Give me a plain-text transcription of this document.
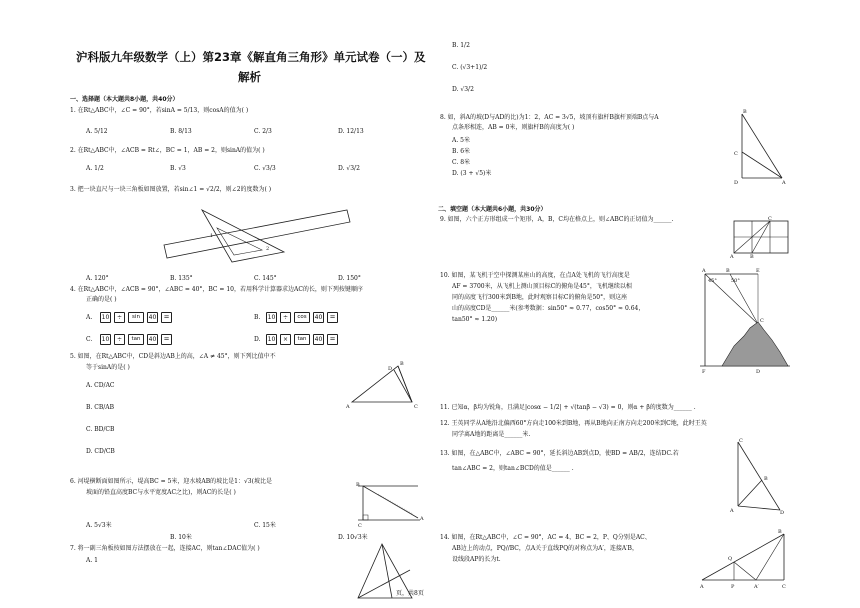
沪科版九年级数学（上）第23章《解直角三角形》单元试卷（一）及
解析
一、选择题（本大题共8小题，共40分）
1. 在Rt△ABC中，∠C = 90°，若sinA = 5/13，则cosA的值为( )
A. 5/12	B. 8/13	C. 2/3	D. 12/13
2. 在Rt△ABC中，∠ACB = Rt∠，BC = 1，AB = 2，则sinA的值为( )
A. 1/2	B. √3	C. √3/3	D. √3/2
3. 把一块直尺与一块三角板如图放置，若sin∠1 = √2/2，则∠2的度数为( )
1
2
A. 120°	B. 135°	C. 145°	D. 150°
4. 在Rt△ABC中，∠ACB = 90°，∠ABC = 40°，BC = 10，若用科学计算器求边AC的长，则下列按键顺序
正确的是( )
A. 10	÷	sin	40	=	B. 10	÷	cos	40	=
C. 10	÷	tan	40	=	D. 10	×	tan	40	=
5. 如图，在Rt△ABC中，CD是斜边AB上的高，∠A ≠ 45°，则下列比值中不
等于sinA的是( )
A. CD/AC
B. CB/AB
C. BD/CB
D. CD/CB
A	C
B
D
6. 河堤横断面如图所示，堤高BC = 5米，迎水坡AB的坡比是1：√3(坡比是
坡面的铅直高度BC与水平宽度AC之比)，则AC的长是( )
B
C
A
A. 5√3米	C. 15米
B. 10米	D. 10√3米
7. 将一副三角板按如图方法摆放在一起，连接AC，则tan∠DAC值为( )
A. 1
B. 1/2
C. (√3+1)/2
D. √3/2
8. 如，斜A的坡(D与AD的比)为1：2，AC = 3√5，坡顶有旗杆B旗杆顶端B点与A
点条形相连，AB = 0米，则旗杆B的高度为( )
A. 5米
B. 6米
C. 8米
D. (3 + √5)米
B
C
D	A
二、填空题（本大题共6小题，共30分）
9. 如图，六个正方形组成一个矩形，A，B，C均在格点上，则∠ABC的正切值为______.
A	B
C
10. 如图，某飞机于空中探测某座山的高度，在点A处飞机的飞行高度是
AF = 3700米，从飞机上测山顶目标C的俯角是45°，飞机继续以相
同的高度飞行300米到B地，此时观察目标C的俯角是50°，则这座
山的高度CD是______米(参考数据：sin50° ≈ 0.77，cos50° ≈ 0.64，
tan50° ≈ 1.20)
A	B	E
45°	50°
C
F	D
11. 已知α，β均为锐角，且满足|cosα − 1/2| + √(tanβ − √3) = 0，则α + β的度数为______ .
12. 王英同学从A地沿北偏西60°方向走100米到B地，再从B地向正南方向走200米到C地，此时王英
同学离A地的距离是______米.
13. 如图，在△ABC中，∠ABC = 90°，延长斜边AB到点D，使BD = AB/2，连结DC.若
tan∠ABC = 2，则tan∠BCD的值是______ .
C
B
A	D
14. 如图，在Rt△ABC中，∠C = 90°，AC = 4，BC = 2，P、Q分别是AC、
AB边上的动点，PQ//BC，点A关于直线PQ的对称点为A′，连接A′B，
设线段AP的长为t.
A	P	A′	C
Q
B
页，共8页
